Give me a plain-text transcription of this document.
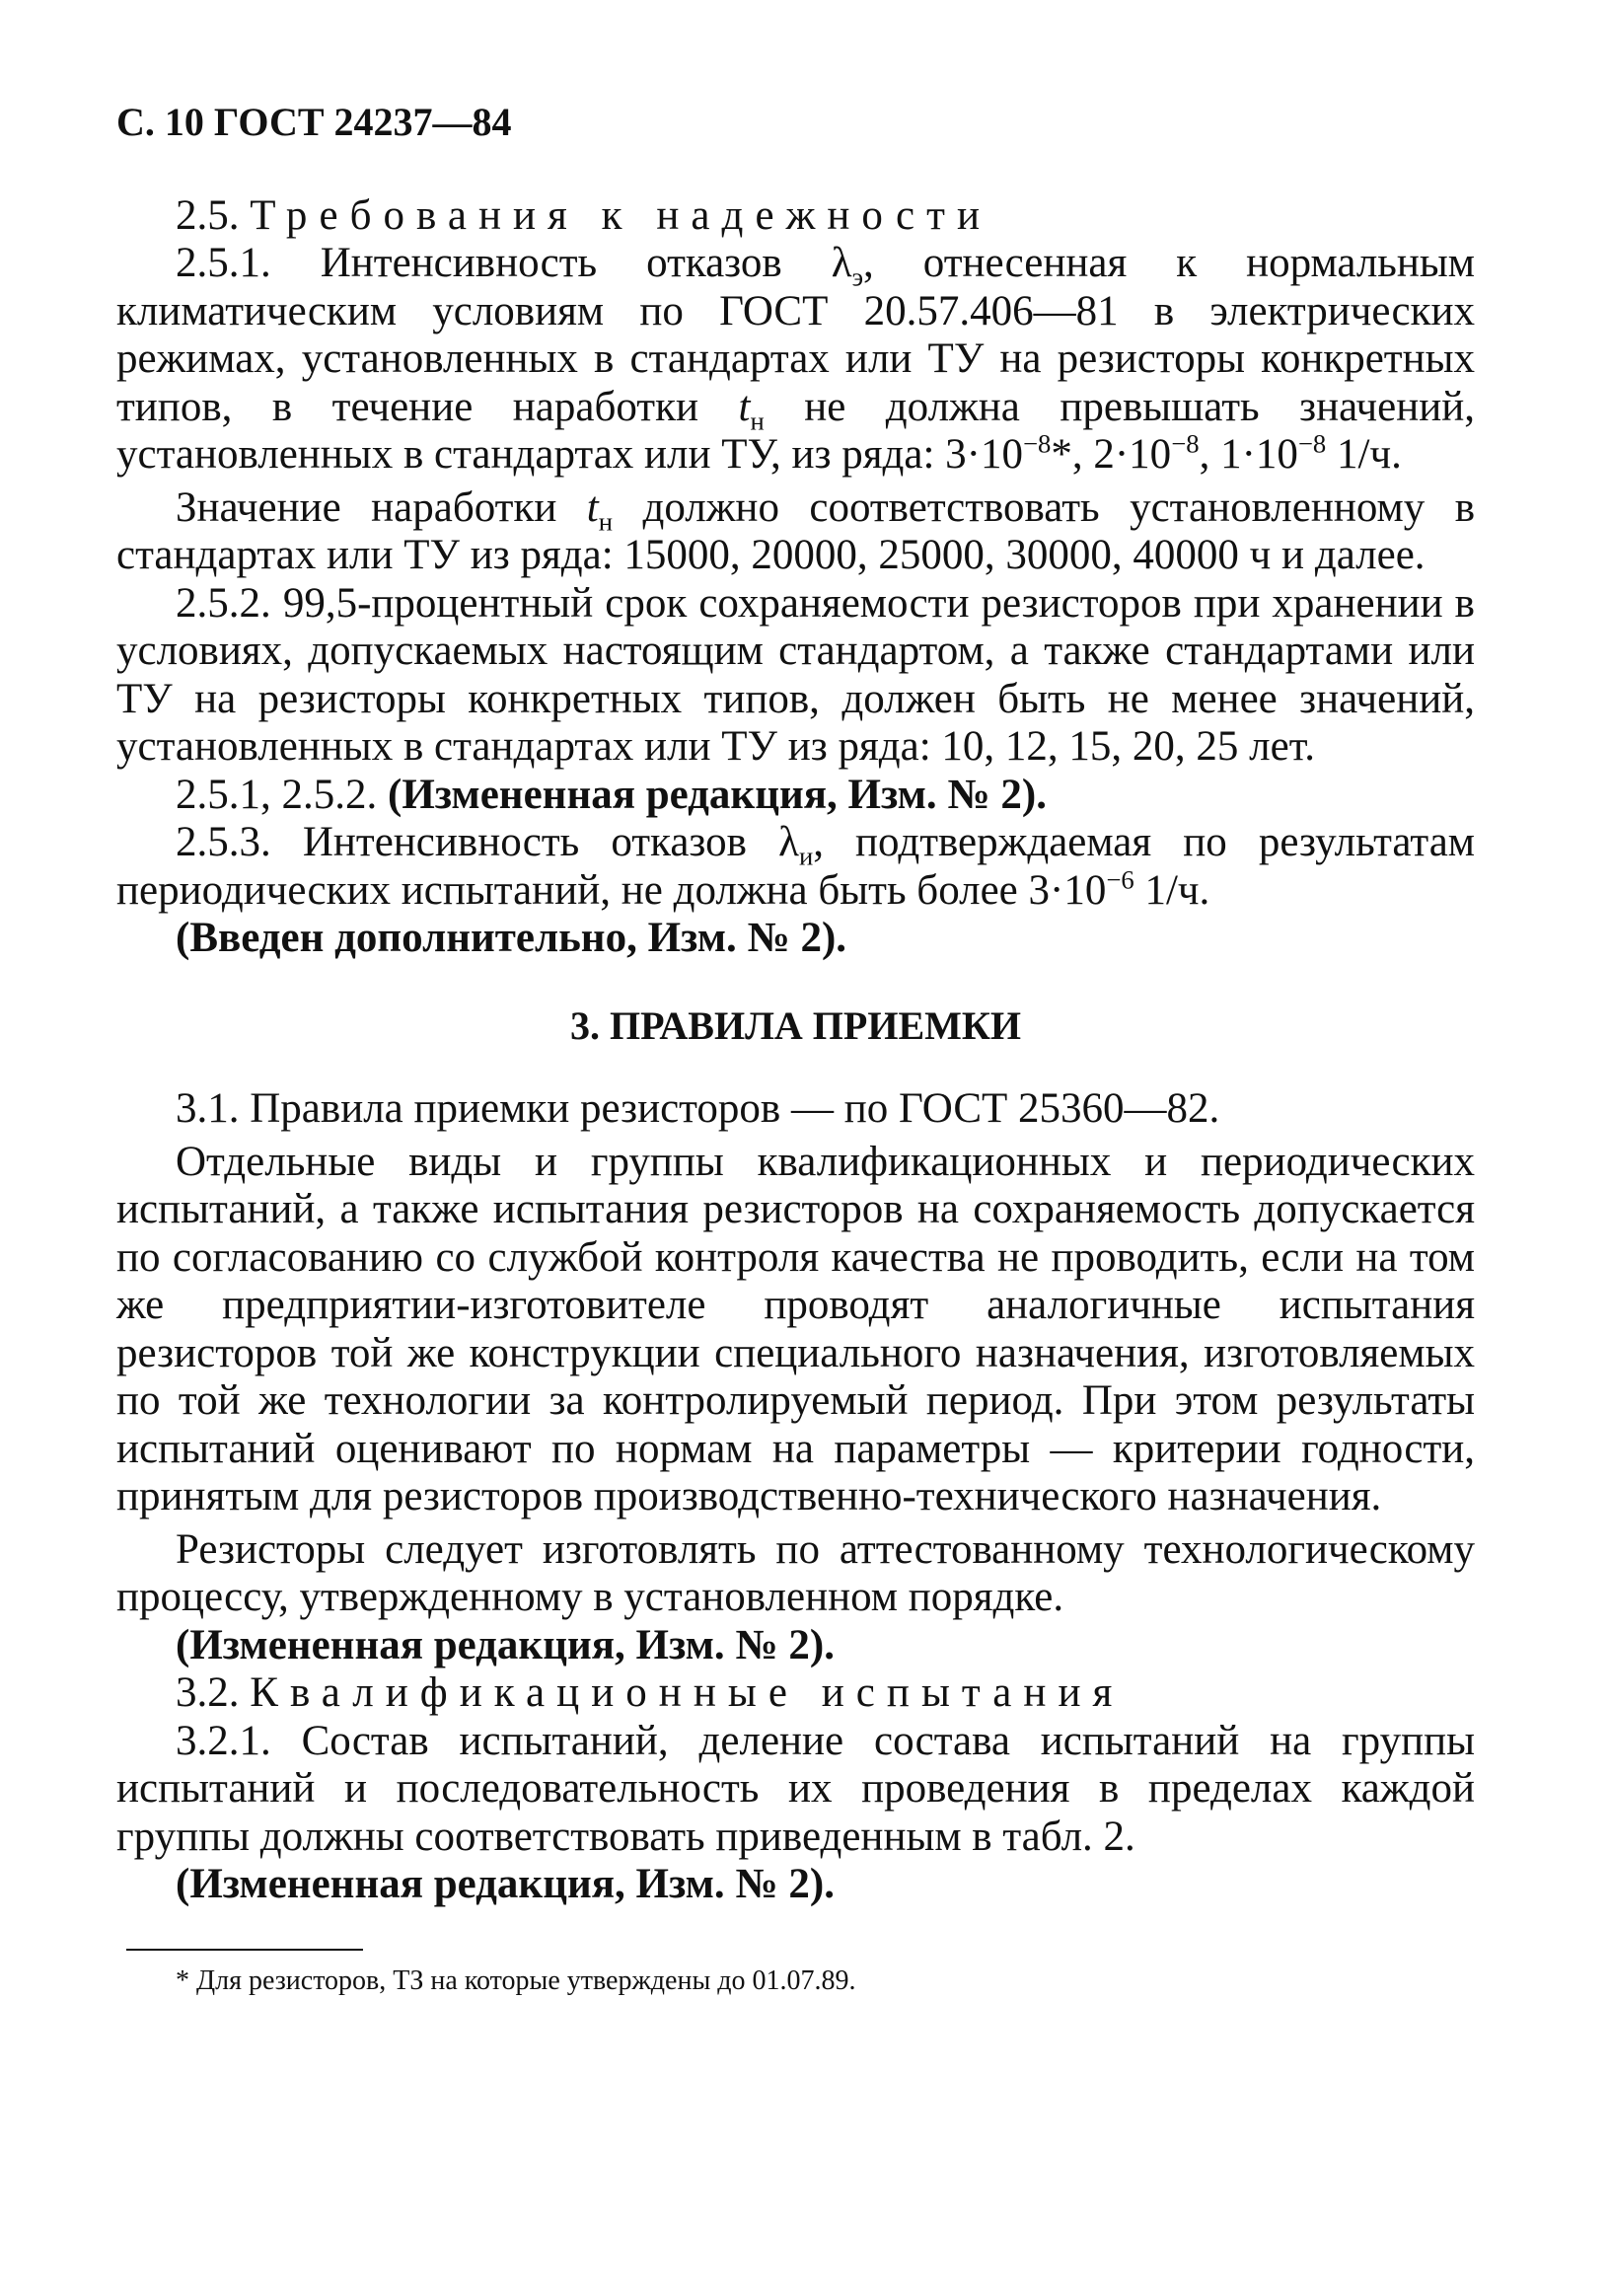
С. 10 ГОСТ 24237—84

2.5. Требования к надежности

2.5.1. Интенсивность отказов $\lambda_э$, отнесенная к нормальным климатическим условиям по ГОСТ 20.57.406—81 в электрических режимах, установленных в стандартах или ТУ на резисторы конкретных типов, в течение наработки $t_н$ не должна превышать значений, установленных в стандартах или ТУ, из ряда: $3\cdot 10^{-8}*$, $2\cdot 10^{-8}$, $1\cdot 10^{-8}$ 1/ч.

Значение наработки $t_н$ должно соответствовать установленному в стандартах или ТУ из ряда: 15000, 20000, 25000, 30000, 40000 ч и далее.

2.5.2. 99,5-процентный срок сохраняемости резисторов при хранении в условиях, допускаемых настоящим стандартом, а также стандартами или ТУ на резисторы конкретных типов, должен быть не менее значений, установленных в стандартах или ТУ из ряда: 10, 12, 15, 20, 25 лет.

2.5.1, 2.5.2. (Измененная редакция, Изм. № 2).

2.5.3. Интенсивность отказов $\lambda_и$, подтверждаемая по результатам периодических испытаний, не должна быть более $3\cdot 10^{-6}$ 1/ч.

(Введен дополнительно, Изм. № 2).

3. ПРАВИЛА ПРИЕМКИ

3.1. Правила приемки резисторов — по ГОСТ 25360—82.

Отдельные виды и группы квалификационных и периодических испытаний, а также испытания резисторов на сохраняемость допускается по согласованию со службой контроля качества не проводить, если на том же предприятии-изготовителе проводят аналогичные испытания резисторов той же конструкции специального назначения, изготовляемых по той же технологии за контролируемый период. При этом результаты испытаний оценивают по нормам на параметры — критерии годности, принятым для резисторов производственно-технического назначения.

Резисторы следует изготовлять по аттестованному технологическому процессу, утвержденному в установленном порядке.

(Измененная редакция, Изм. № 2).

3.2. Квалификационные испытания

3.2.1. Состав испытаний, деление состава испытаний на группы испытаний и последовательность их проведения в пределах каждой группы должны соответствовать приведенным в табл. 2.

(Измененная редакция, Изм. № 2).

* Для резисторов, ТЗ на которые утверждены до 01.07.89.
